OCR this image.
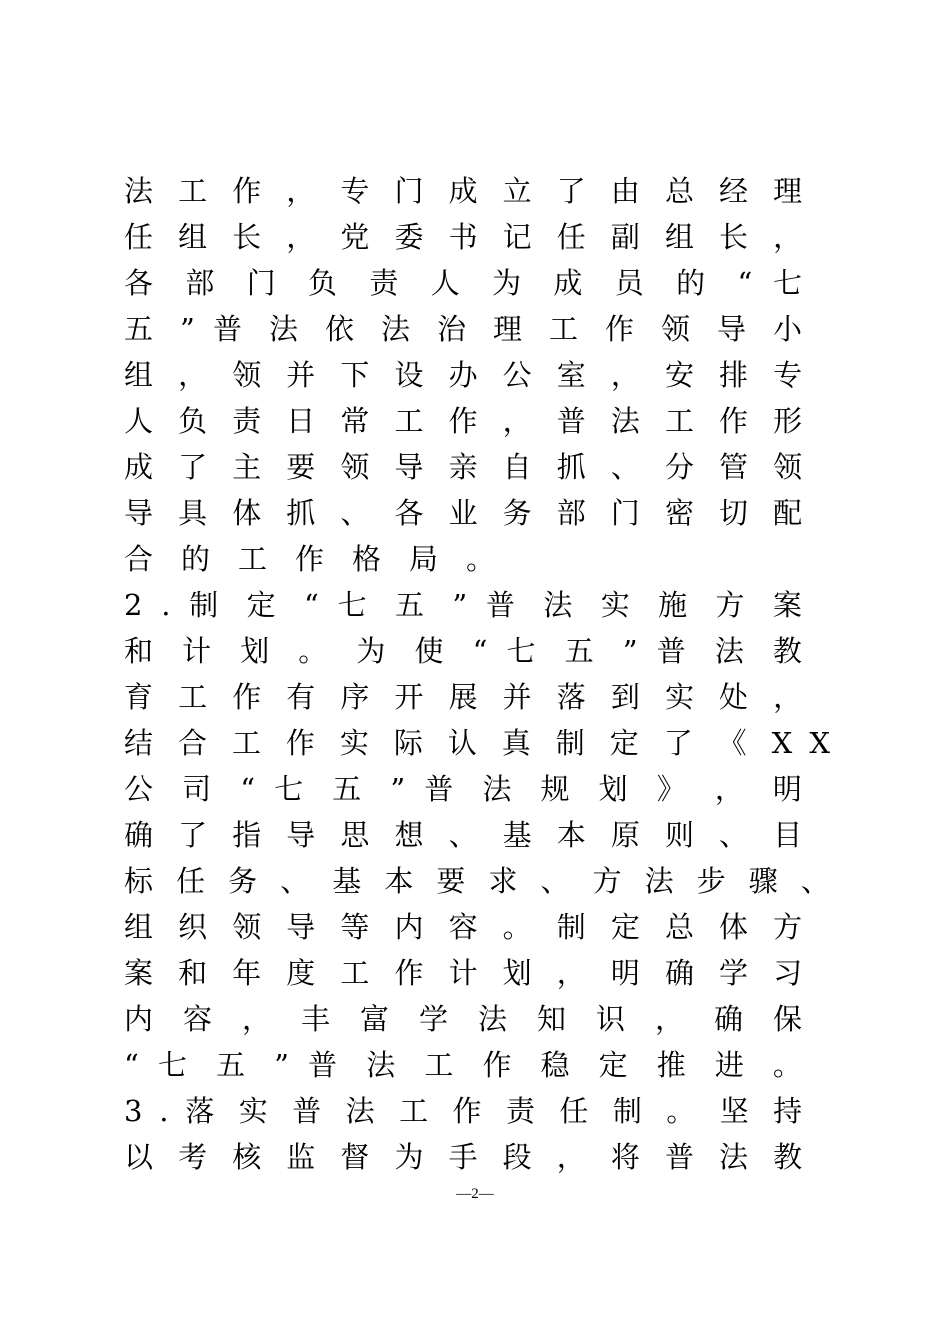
法 工 作 ， 专 门 成 立 了 由 总 经 理
任 组 长 ， 党 委 书 记 任 副 组 长 ，
各 部 门 负 责 人 为 成 员 的 “ 七
五 ” 普 法 依 法 治 理 工 作 领 导 小
组 ， 领 并 下 设 办 公 室 ， 安 排 专
人 负 责 日 常 工 作 ， 普 法 工 作 形
成 了 主 要 领 导 亲 自 抓 、 分 管 领
导 具 体 抓 、 各 业 务 部 门 密 切 配
合的工作格局。
2 . 制 定 “ 七 五 ” 普 法 实 施 方 案
和 计 划 。 为 使 “ 七 五 ” 普 法 教
育 工 作 有 序 开 展 并 落 到 实 处 ，
结 合 工 作 实 际 认 真 制 定 了 《 X X
公 司 “ 七 五 ” 普 法 规 划 》 ， 明
确 了 指 导 思 想 、 基 本 原 则 、 目
标 任 务 、 基 本 要 求 、 方 法 步 骤 、
组 织 领 导 等 内 容 。 制 定 总 体 方
案 和 年 度 工 作 计 划 ， 明 确 学 习
内 容 ， 丰 富 学 法 知 识 ， 确 保
“ 七 五 ” 普 法 工 作 稳 定 推 进 。
3 . 落 实 普 法 工 作 责 任 制 。 坚 持
以 考 核 监 督 为 手 段 ， 将 普 法 教
—2—
